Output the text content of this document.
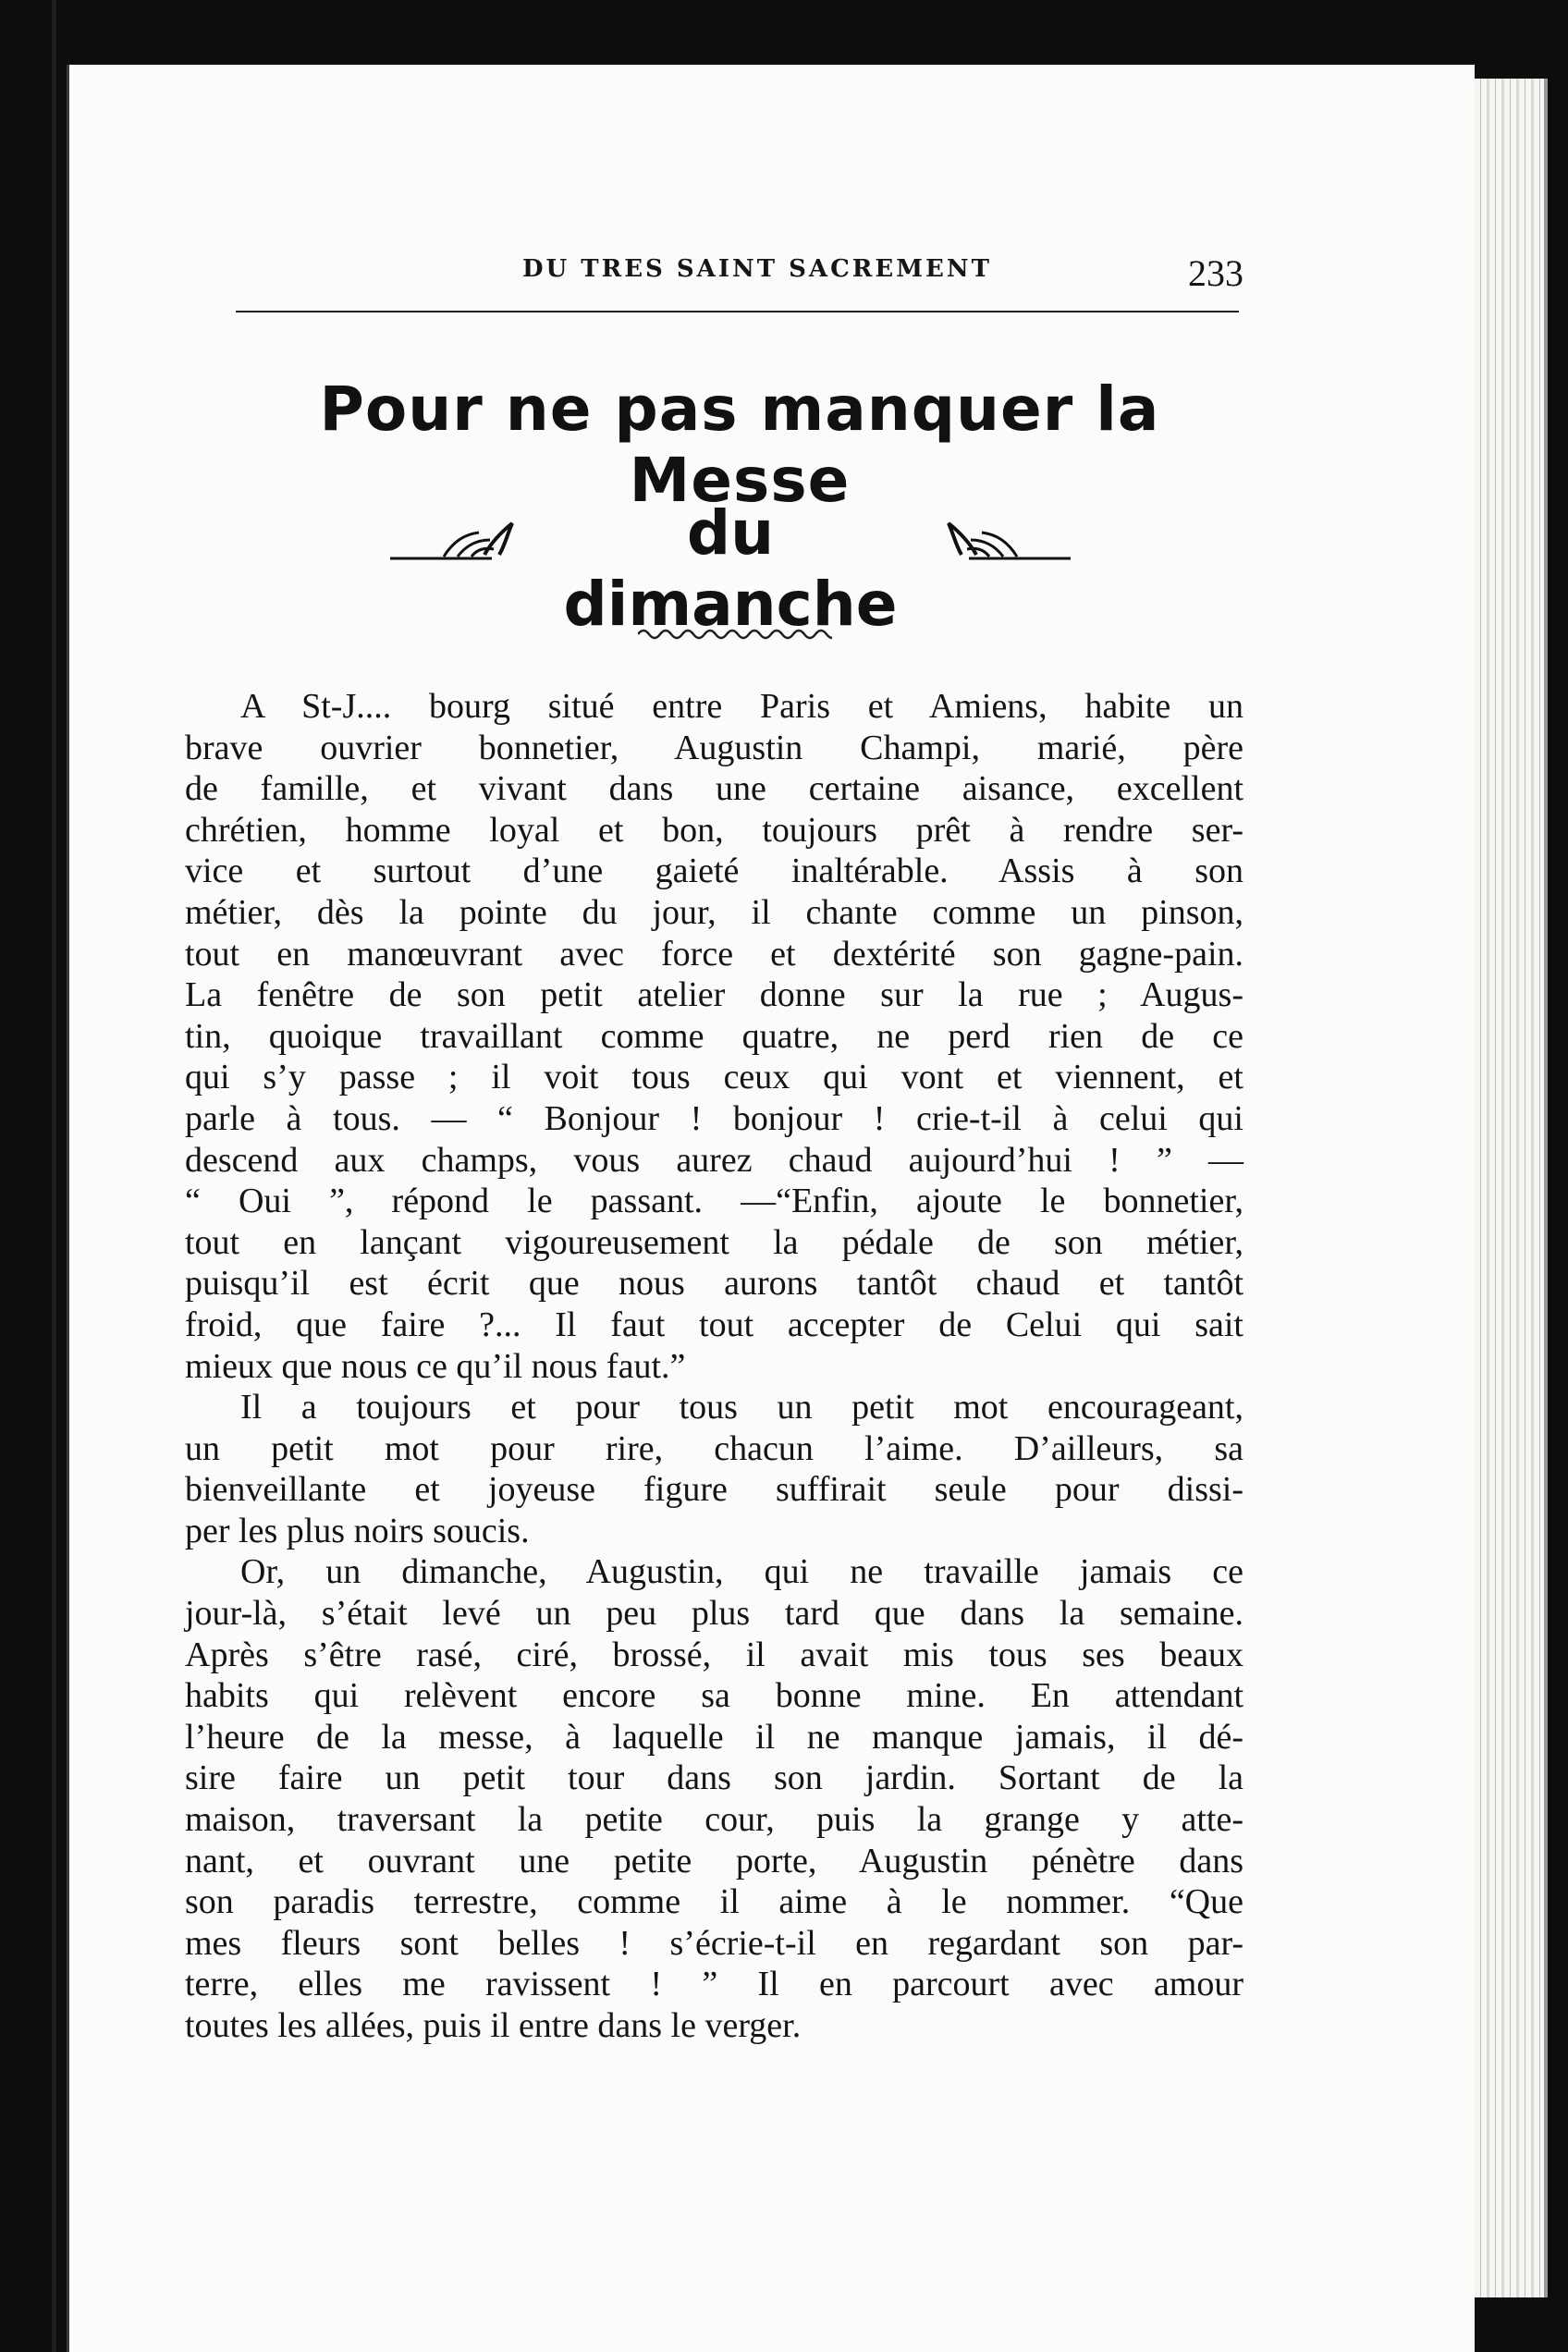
DU TRES SAINT SACREMENT	233
Pour ne pas manquer la Messe
du dimanche
A St-J.... bourg situé entre Paris et Amiens, habite un
brave ouvrier bonnetier, Augustin Champi, marié, père
de famille, et vivant dans une certaine aisance, excellent
chrétien, homme loyal et bon, toujours prêt à rendre ser-
vice et surtout d’une gaieté inaltérable. Assis à son
métier, dès la pointe du jour, il chante comme un pinson,
tout en manœuvrant avec force et dextérité son gagne-pain.
La fenêtre de son petit atelier donne sur la rue ; Augus-
tin, quoique travaillant comme quatre, ne perd rien de ce
qui s’y passe ; il voit tous ceux qui vont et viennent, et
parle à tous. — “ Bonjour ! bonjour ! crie-t-il à celui qui
descend aux champs, vous aurez chaud aujourd’hui ! ” —
“ Oui ”, répond le passant. —“Enfin, ajoute le bonnetier,
tout en lançant vigoureusement la pédale de son métier,
puisqu’il est écrit que nous aurons tantôt chaud et tantôt
froid, que faire ?... Il faut tout accepter de Celui qui sait
mieux que nous ce qu’il nous faut.”
Il a toujours et pour tous un petit mot encourageant,
un petit mot pour rire, chacun l’aime. D’ailleurs, sa
bienveillante et joyeuse figure suffirait seule pour dissi-
per les plus noirs soucis.
Or, un dimanche, Augustin, qui ne travaille jamais ce
jour-là, s’était levé un peu plus tard que dans la semaine.
Après s’être rasé, ciré, brossé, il avait mis tous ses beaux
habits qui relèvent encore sa bonne mine. En attendant
l’heure de la messe, à laquelle il ne manque jamais, il dé-
sire faire un petit tour dans son jardin. Sortant de la
maison, traversant la petite cour, puis la grange y atte-
nant, et ouvrant une petite porte, Augustin pénètre dans
son paradis terrestre, comme il aime à le nommer. “Que
mes fleurs sont belles ! s’écrie-t-il en regardant son par-
terre, elles me ravissent ! ” Il en parcourt avec amour
toutes les allées, puis il entre dans le verger.
